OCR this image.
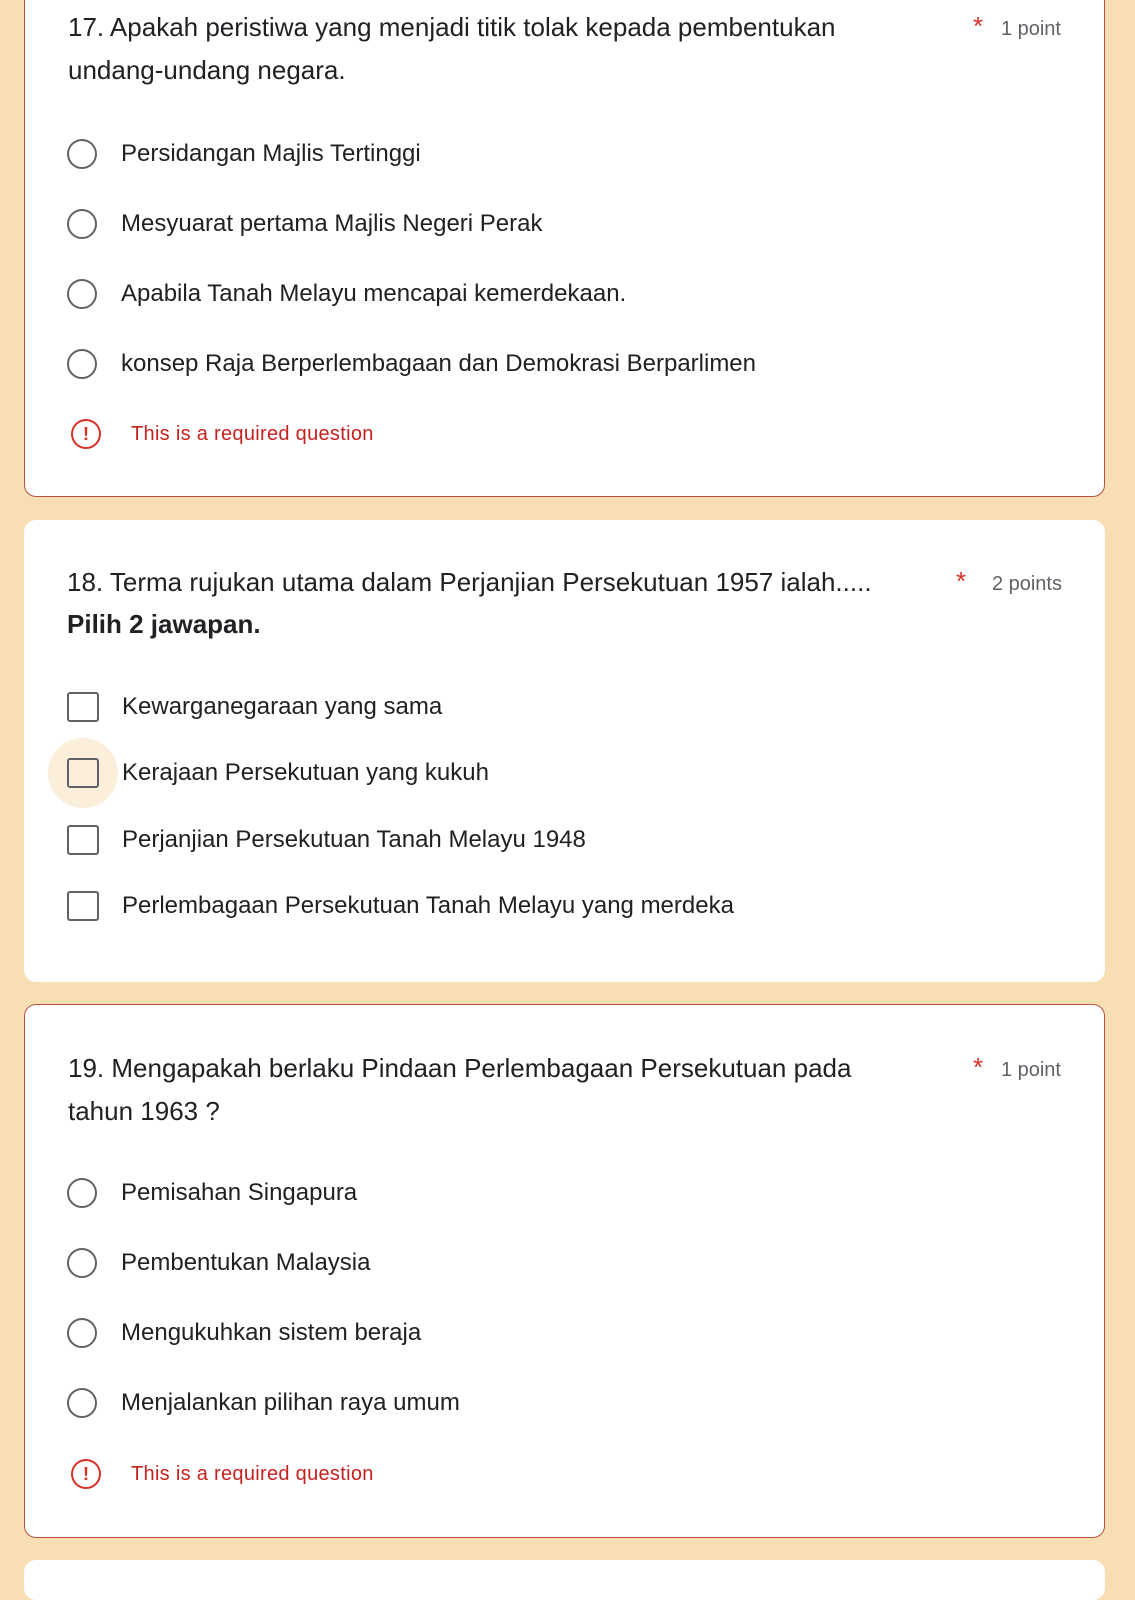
17. Apakah peristiwa yang menjadi titik tolak kepada pembentukan
undang-undang negara.
* 1 point
Persidangan Majlis Tertinggi
Mesyuarat pertama Majlis Negeri Perak
Apabila Tanah Melayu mencapai kemerdekaan.
konsep Raja Berperlembagaan dan Demokrasi Berparlimen
!	This is a required question
18. Terma rujukan utama dalam Perjanjian Persekutuan 1957 ialah.....	* 2 points
Pilih 2 jawapan.
Kewarganegaraan yang sama
Kerajaan Persekutuan yang kukuh
Perjanjian Persekutuan Tanah Melayu 1948
Perlembagaan Persekutuan Tanah Melayu yang merdeka
19. Mengapakah berlaku Pindaan Perlembagaan Persekutuan pada
tahun 1963 ?
* 1 point
Pemisahan Singapura
Pembentukan Malaysia
Mengukuhkan sistem beraja
Menjalankan pilihan raya umum
!	This is a required question
